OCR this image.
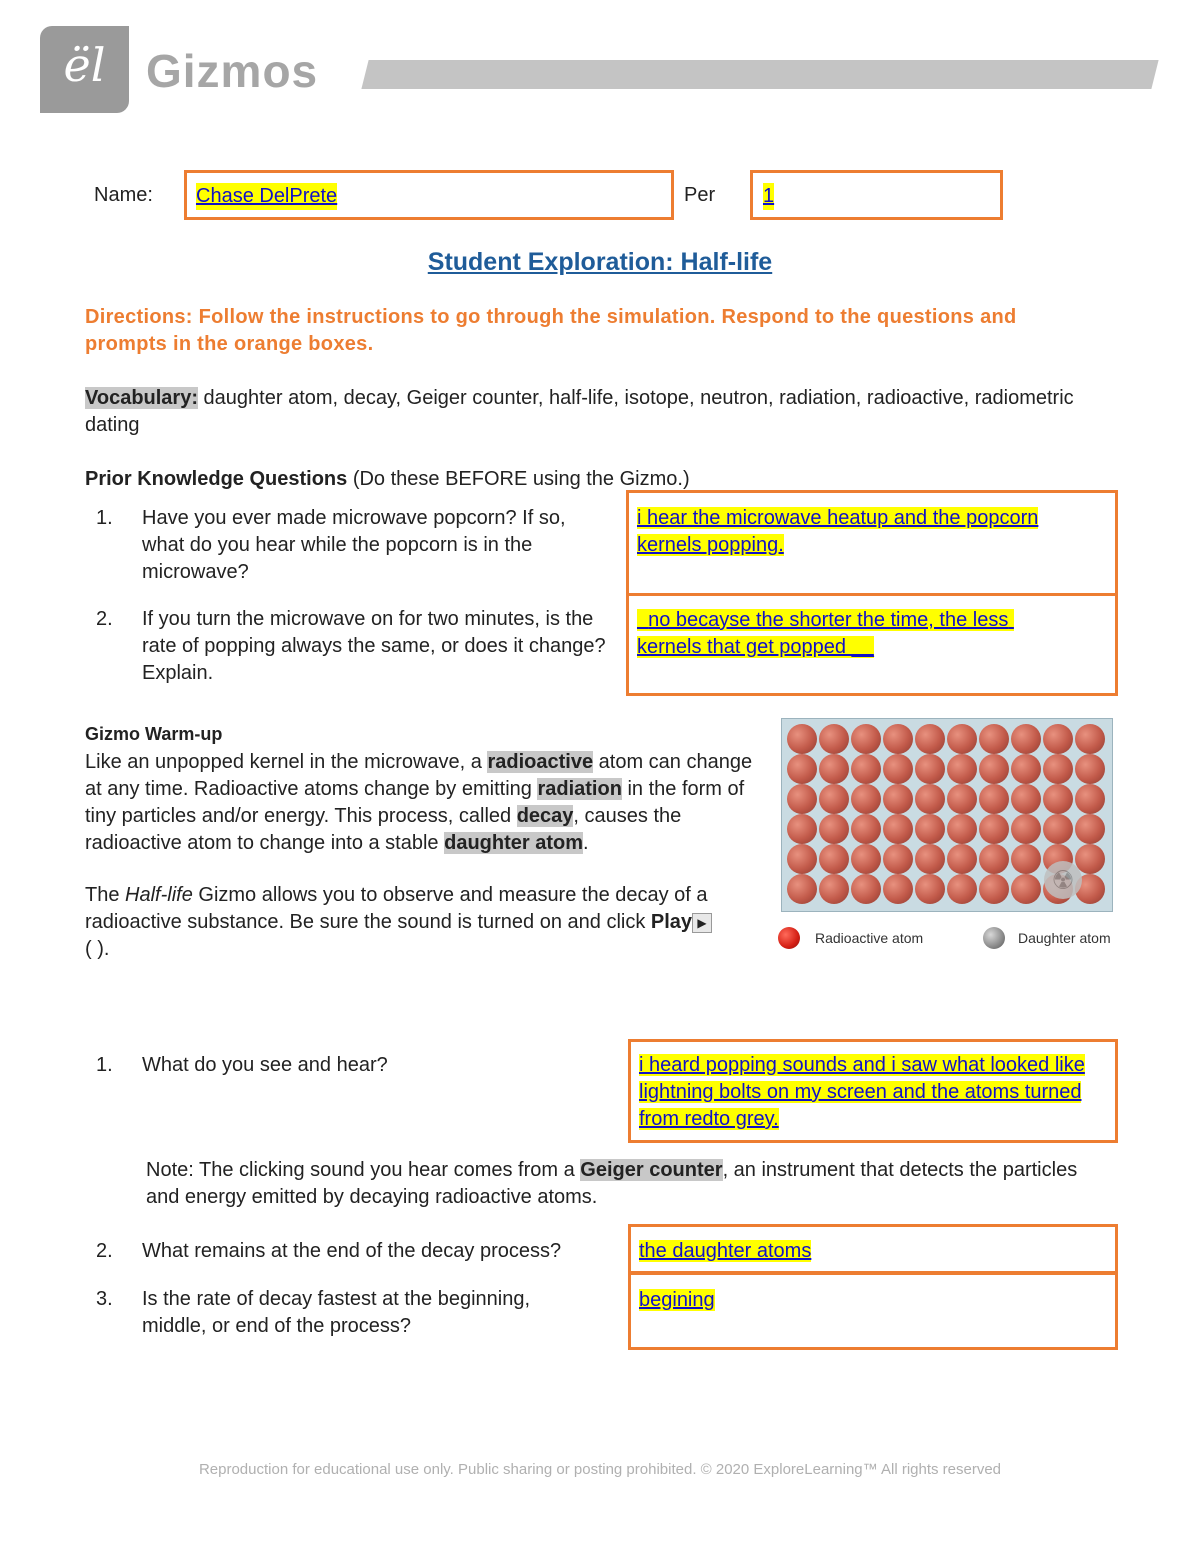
ël Gizmos
Name: Chase DelPrete	Per 1
Student Exploration: Half-life
Directions: Follow the instructions to go through the simulation. Respond to the questions and prompts in the orange boxes.
Vocabulary: daughter atom, decay, Geiger counter, half-life, isotope, neutron, radiation, radioactive, radiometric dating
Prior Knowledge Questions (Do these BEFORE using the Gizmo.)
1.	Have you ever made microwave popcorn? If so, what do you hear while the popcorn is in the microwave?
i hear the microwave heatup and the popcorn kernels popping.
2.	If you turn the microwave on for two minutes, is the rate of popping always the same, or does it change? Explain.
no becayse the shorter the time, the less kernels that get popped __
Gizmo Warm-up
Like an unpopped kernel in the microwave, a radioactive atom can change at any time. Radioactive atoms change by emitting radiation in the form of tiny particles and/or energy. This process, called decay, causes the radioactive atom to change into a stable daughter atom.
The Half-life Gizmo allows you to observe and measure the decay of a radioactive substance. Be sure the sound is turned on and click Play ▶
( ).
☢
Radioactive atom	Daughter atom
1.	What do you see and hear?	i heard popping sounds and i saw what looked like lightning bolts on my screen and the atoms turned from redto grey.
Note: The clicking sound you hear comes from a Geiger counter, an instrument that detects the particles and energy emitted by decaying radioactive atoms.
2.	What remains at the end of the decay process?	the daughter atoms
3.	Is the rate of decay fastest at the beginning, middle, or end of the process?
begining
Reproduction for educational use only. Public sharing or posting prohibited. © 2020 ExploreLearning™ All rights reserved
